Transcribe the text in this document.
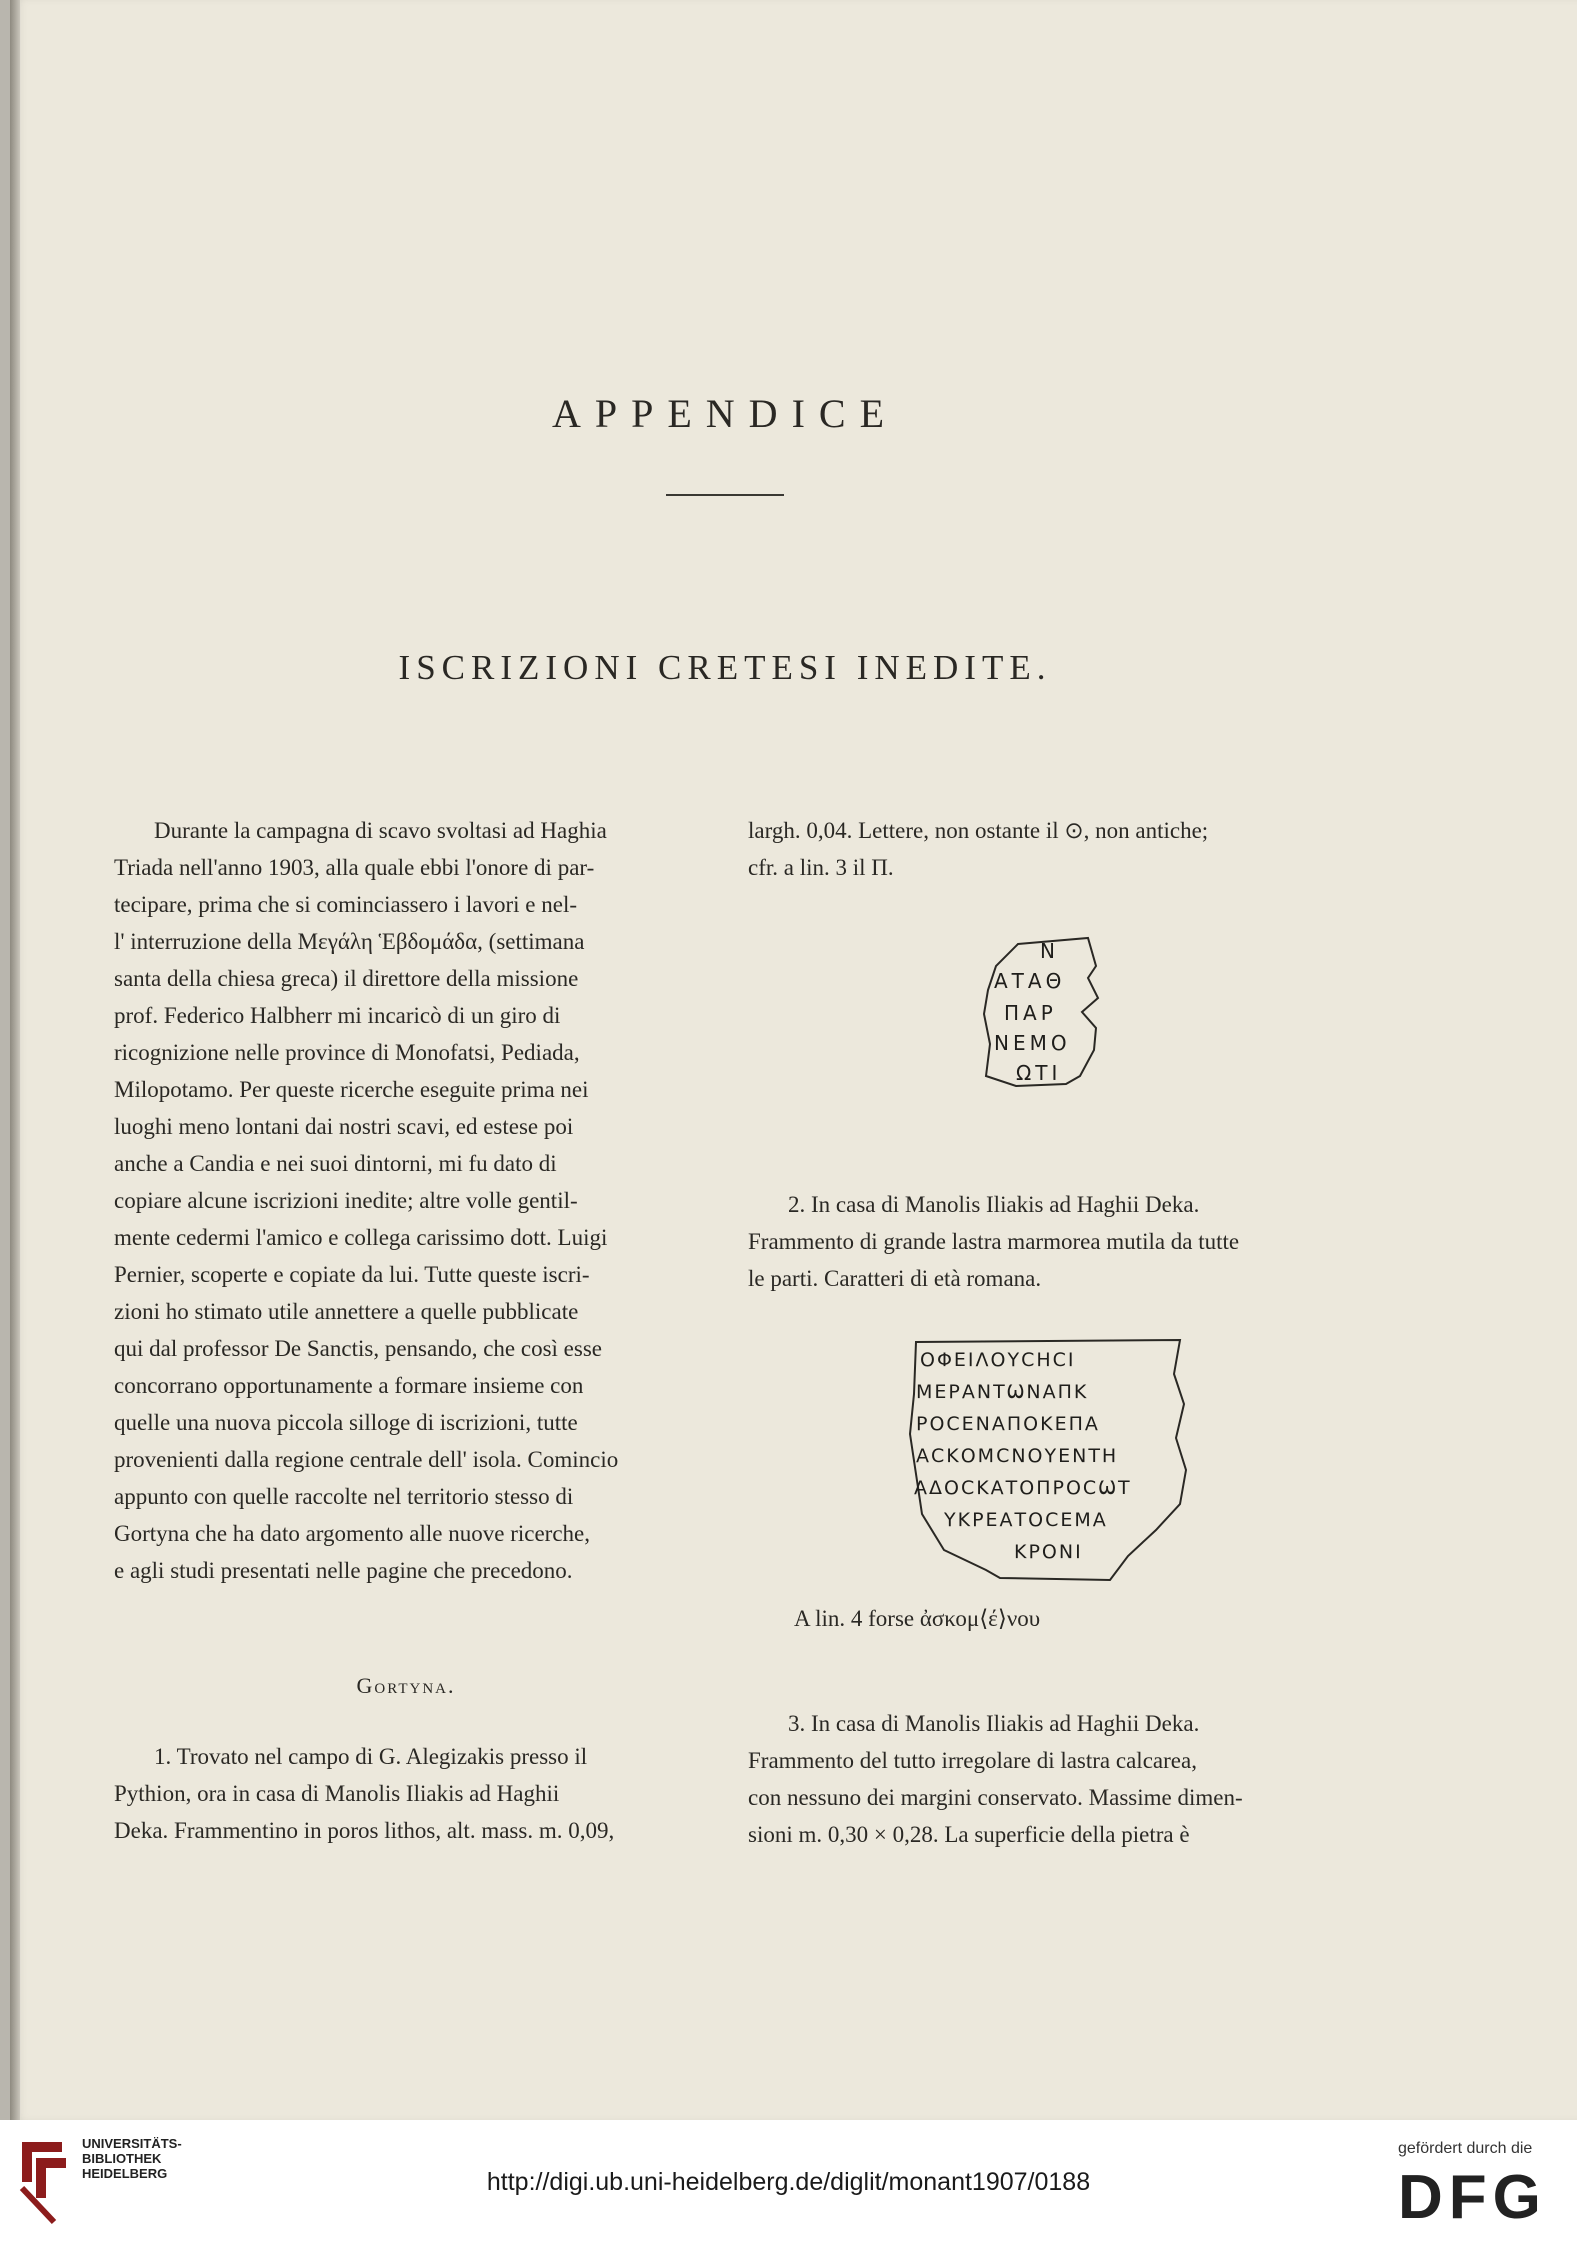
APPENDICE
ISCRIZIONI CRETESI INEDITE.
Durante la campagna di scavo svoltasi ad Haghia
Triada nell'anno 1903, alla quale ebbi l'onore di par-
tecipare, prima che si cominciassero i lavori e nel-
l' interruzione della Μεγάλη Ἑβδομάδα, (settimana
santa della chiesa greca) il direttore della missione
prof. Federico Halbherr mi incaricò di un giro di
ricognizione nelle province di Monofatsi, Pediada,
Milopotamo. Per queste ricerche eseguite prima nei
luoghi meno lontani dai nostri scavi, ed estese poi
anche a Candia e nei suoi dintorni, mi fu dato di
copiare alcune iscrizioni inedite; altre volle gentil-
mente cedermi l'amico e collega carissimo dott. Luigi
Pernier, scoperte e copiate da lui. Tutte queste iscri-
zioni ho stimato utile annettere a quelle pubblicate
qui dal professor De Sanctis, pensando, che così esse
concorrano opportunamente a formare insieme con
quelle una nuova piccola silloge di iscrizioni, tutte
provenienti dalla regione centrale dell' isola. Comincio
appunto con quelle raccolte nel territorio stesso di
Gortyna che ha dato argomento alle nuove ricerche,
e agli studi presentati nelle pagine che precedono.
Gortyna.
1. Trovato nel campo di G. Alegizakis presso il
Pythion, ora in casa di Manolis Iliakis ad Haghii
Deka. Frammentino in poros lithos, alt. mass. m. 0,09,
largh. 0,04. Lettere, non ostante il ⊙, non antiche;
cfr. a lin. 3 il Π.
N
ΑΤΑΘ
ΠΑΡ
ΝΕΜΟ
ΩΤΙ
2. In casa di Manolis Iliakis ad Haghii Deka.
Frammento di grande lastra marmorea mutila da tutte
le parti. Caratteri di età romana.
ΟΦΕΙΛΟΥCΗCΙ
ΜΕΡΑΝΤѠΝΑΠΚ
ΡΟCΕΝΑΠΟΚΕΠΑ
ΑCΚΟΜCΝΟΥΕΝΤΗ
ΑΔΟCΚΑΤΟΠΡΟCѠΤ
ΥΚΡΕΑΤΟCΕΜΑ
ΚΡΟΝΙ
A lin. 4 forse ἀσκομ⟨έ⟩νου
3. In casa di Manolis Iliakis ad Haghii Deka.
Frammento del tutto irregolare di lastra calcarea,
con nessuno dei margini conservato. Massime dimen-
sioni m. 0,30 × 0,28. La superficie della pietra è
UNIVERSITÄTS-
BIBLIOTHEK
HEIDELBERG	http://digi.ub.uni-heidelberg.de/diglit/monant1907/0188
gefördert durch die
DFG
